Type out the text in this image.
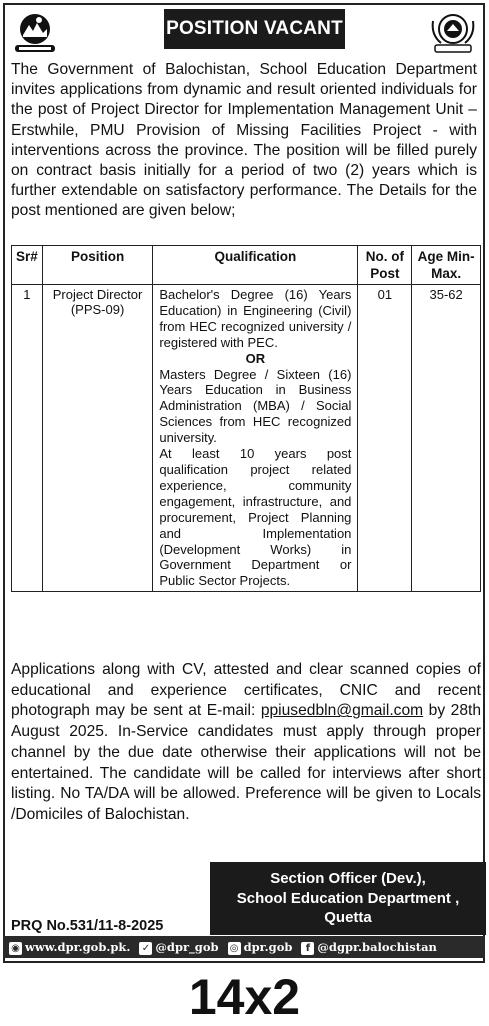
POSITION VACANT
The Government of Balochistan, School Education Department invites applications from dynamic and result oriented individuals for the post of Project Director for Implementation Management Unit – Erstwhile, PMU Provision of Missing Facilities Project - with interventions across the province. The position will be filled purely on contract basis initially for a period of two (2) years which is further extendable on satisfactory performance. The Details for the post mentioned are given below;
Sr#	Position	Qualification	No. of Post	Age Min-Max.
1	Project Director (PPS-09)	Bachelor's Degree (16) Years Education) in Engineering (Civil) from HEC recognized university / registered with PEC.
OR
Masters Degree / Sixteen (16) Years Education in Business Administration (MBA) / Social Sciences from HEC recognized university.
At least 10 years post qualification project related experience, community engagement, infrastructure, and procurement, Project Planning and Implementation (Development Works) in Government Department or Public Sector Projects.	01	35-62
Applications along with CV, attested and clear scanned copies of educational and experience certificates, CNIC and recent photograph may be sent at E-mail: ppiusedbln@gmail.com by 28th August 2025. In-Service candidates must apply through proper channel by the due date otherwise their applications will not be entertained. The candidate will be called for interviews after short listing. No TA/DA will be allowed. Preference will be given to Locals /Domiciles of Balochistan.
PRQ No.531/11-8-2025
Section Officer (Dev.),
School Education Department ,
Quetta
◉ www.dpr.gob.pk. ✓ @dpr_gob ◎ dpr.gob	f @dgpr.balochistan
14x2
